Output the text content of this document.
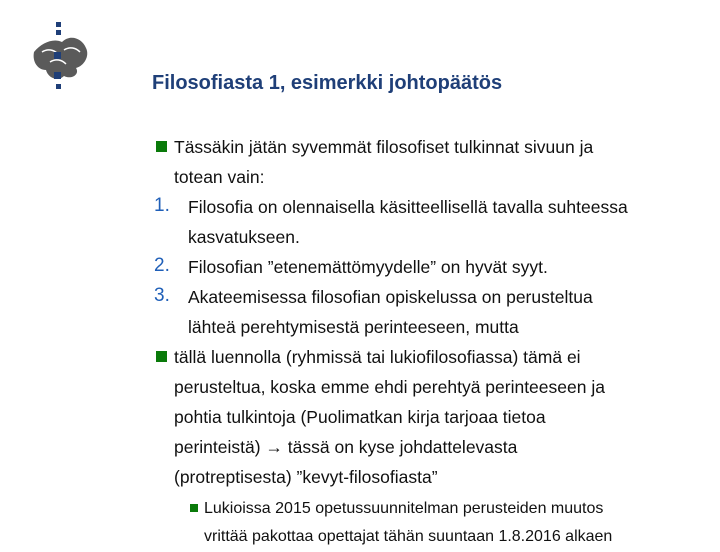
Filosofiasta 1, esimerkki johtopäätös
Tässäkin jätän syvemmät filosofiset tulkinnat sivuun ja
totean vain:
1. Filosofia on olennaisella käsitteellisellä tavalla suhteessa
kasvatukseen.
2. Filosofian ”etenemättömyydelle” on hyvät syyt.
3. Akateemisessa filosofian opiskelussa on perusteltua
lähteä perehtymisestä perinteeseen, mutta
tällä luennolla (ryhmissä tai lukiofilosofiassa) tämä ei
perusteltua, koska emme ehdi perehtyä perinteeseen ja
pohtia tulkintoja (Puolimatkan kirja tarjoaa tietoa
perinteistä) → tässä on kyse johdattelevasta
(protreptisesta) ”kevyt-filosofiasta”
Lukioissa 2015 opetussuunnitelman perusteiden muutos
vrittää pakottaa opettajat tähän suuntaan 1.8.2016 alkaen
